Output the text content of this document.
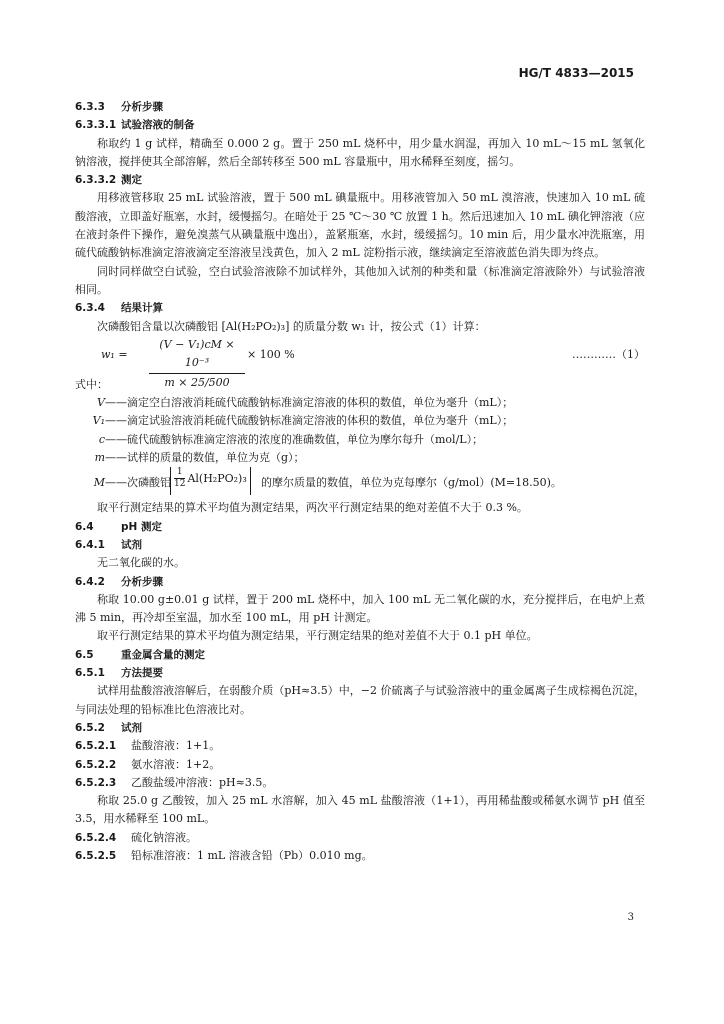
HG/T 4833—2015
6.3.3 分析步骤
6.3.3.1 试验溶液的制备
称取约 1 g 试样，精确至 0.000 2 g。置于 250 mL 烧杯中，用少量水润湿，再加入 10 mL～15 mL 氢氧化钠溶液，搅拌使其全部溶解，然后全部转移至 500 mL 容量瓶中，用水稀释至刻度，摇匀。
6.3.3.2 测定
用移液管移取 25 mL 试验溶液，置于 500 mL 碘量瓶中。用移液管加入 50 mL 溴溶液，快速加入 10 mL 硫酸溶液，立即盖好瓶塞，水封，缓慢摇匀。在暗处于 25 ℃～30 ℃ 放置 1 h。然后迅速加入 10 mL 碘化钾溶液（应在液封条件下操作，避免溴蒸气从碘量瓶中逸出），盖紧瓶塞，水封，缓缓摇匀。10 min 后，用少量水冲洗瓶塞，用硫代硫酸钠标准滴定溶液滴定至溶液呈浅黄色，加入 2 mL 淀粉指示液，继续滴定至溶液蓝色消失即为终点。
同时同样做空白试验，空白试验溶液除不加试样外，其他加入试剂的种类和量（标准滴定溶液除外）与试验溶液相同。
6.3.4 结果计算
次磷酸铝含量以次磷酸铝 [Al(H₂PO₂)₃] 的质量分数 w₁ 计，按公式（1）计算：
$w_1 = \frac{\text{(V − V₁)cM × 10⁻³}}{m \times 25/500} \times 100$ %	…………（1）
式中：
V——滴定空白溶液消耗硫代硫酸钠标准滴定溶液的体积的数值，单位为毫升（mL）；
V₁——滴定试验溶液消耗硫代硫酸钠标准滴定溶液的体积的数值，单位为毫升（mL）；
c——硫代硫酸钠标准滴定溶液的浓度的准确数值，单位为摩尔每升（mol/L）；
m——试样的质量的数值，单位为克（g）；
M ——次磷酸铝 $\frac{1}{12} Al(H_2PO_2)_3$	的摩尔质量的数值，单位为克每摩尔（g/mol）(M=18.50)。
取平行测定结果的算术平均值为测定结果，两次平行测定结果的绝对差值不大于 0.3 %。
6.4	pH 测定
6.4.1 试剂
无二氧化碳的水。
6.4.2 分析步骤
称取 10.00 g±0.01 g 试样，置于 200 mL 烧杯中，加入 100 mL 无二氧化碳的水，充分搅拌后，在电炉上煮沸 5 min，再冷却至室温，加水至 100 mL，用 pH 计测定。
取平行测定结果的算术平均值为测定结果，平行测定结果的绝对差值不大于 0.1 pH 单位。
6.5	重金属含量的测定
6.5.1 方法提要
试样用盐酸溶液溶解后，在弱酸介质（pH≈3.5）中，−2 价硫离子与试验溶液中的重金属离子生成棕褐色沉淀，与同法处理的铅标准比色溶液比对。
6.5.2 试剂
6.5.2.1 盐酸溶液：1+1。
6.5.2.2 氨水溶液：1+2。
6.5.2.3 乙酸盐缓冲溶液：pH≈3.5。
称取 25.0 g 乙酸铵，加入 25 mL 水溶解，加入 45 mL 盐酸溶液（1+1），再用稀盐酸或稀氨水调节 pH 值至 3.5，用水稀释至 100 mL。
6.5.2.4 硫化钠溶液。
6.5.2.5 铅标准溶液：1 mL 溶液含铅（Pb）0.010 mg。
3
